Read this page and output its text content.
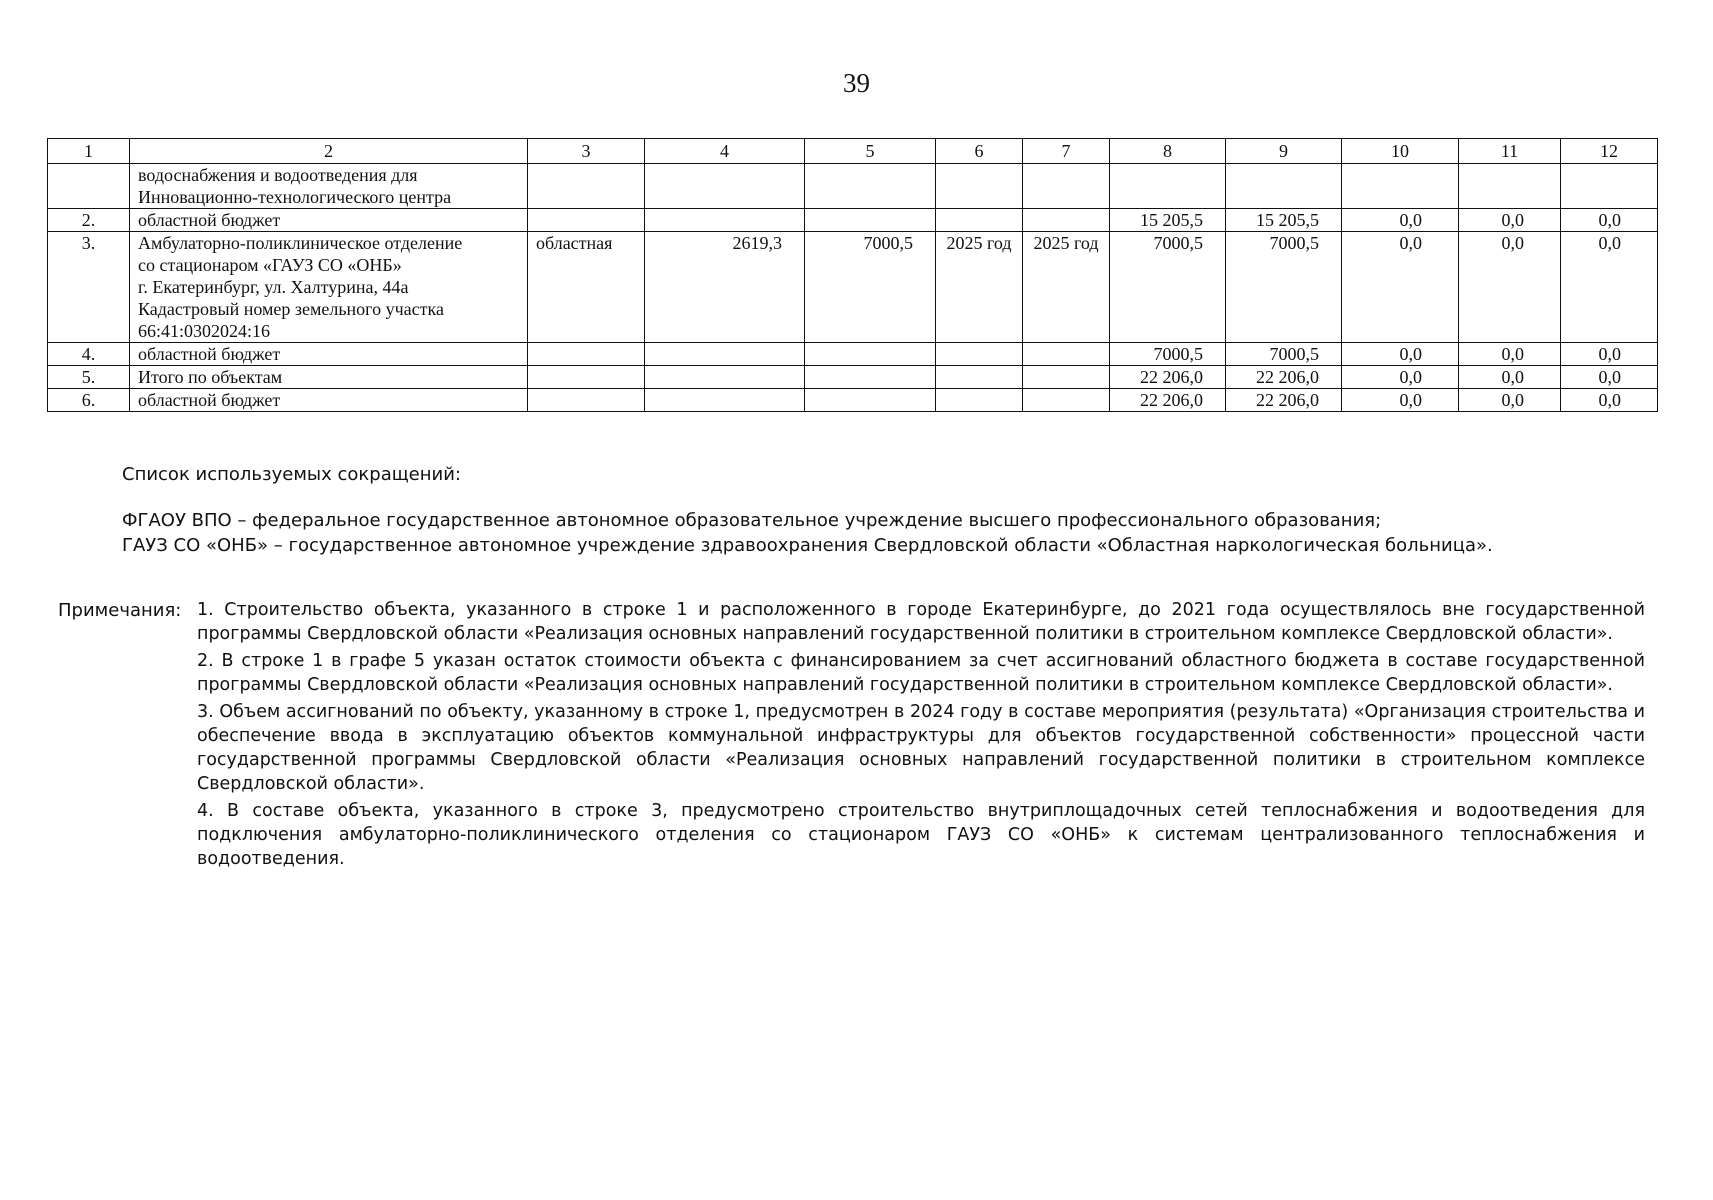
39
1	2	3	4	5	6	7	8	9	10	11	12

	водоснабжения и водоотведения для
Инновационно-технологического центра										

2.	областной бюджет						15 205,5	15 205,5	0,0	0,0	0,0
3.	Амбулаторно-поликлиническое отделение
со стационаром «ГАУЗ СО «ОНБ»
г. Екатеринбург, ул. Халтурина, 44а
Кадастровый номер земельного участка
66:41:0302024:16	областная	2619,3	7000,5	2025 год	2025 год	7000,5	7000,5	0,0	0,0	0,0
4.	областной бюджет						7000,5	7000,5	0,0	0,0	0,0
5.	Итого по объектам						22 206,0	22 206,0	0,0	0,0	0,0
6.	областной бюджет						22 206,0	22 206,0	0,0	0,0	0,0
Список используемых сокращений:
ФГАОУ ВПО – федеральное государственное автономное образовательное учреждение высшего профессионального образования;
ГАУЗ СО «ОНБ» – государственное автономное учреждение здравоохранения Свердловской области «Областная наркологическая больница».
Примечания: 1. Строительство объекта, указанного в строке 1 и расположенного в городе Екатеринбурге, до 2021 года осуществлялось вне государственной программы Свердловской области «Реализация основных направлений государственной политики в строительном комплексе Свердловской области».

2. В строке 1 в графе 5 указан остаток стоимости объекта с финансированием за счет ассигнований областного бюджета в составе государственной программы Свердловской области «Реализация основных направлений государственной политики в строительном комплексе Свердловской области».

3. Объем ассигнований по объекту, указанному в строке 1, предусмотрен в 2024 году в составе мероприятия (результата) «Организация строительства и обеспечение ввода в эксплуатацию объектов коммунальной инфраструктуры для объектов государственной собственности» процессной части государственной программы Свердловской области «Реализация основных направлений государственной политики в строительном комплексе Свердловской области».

4. В составе объекта, указанного в строке 3, предусмотрено строительство внутриплощадочных сетей теплоснабжения и водоотведения для подключения амбулаторно-поликлинического отделения со стационаром ГАУЗ СО «ОНБ» к системам централизованного теплоснабжения и водоотведения.
